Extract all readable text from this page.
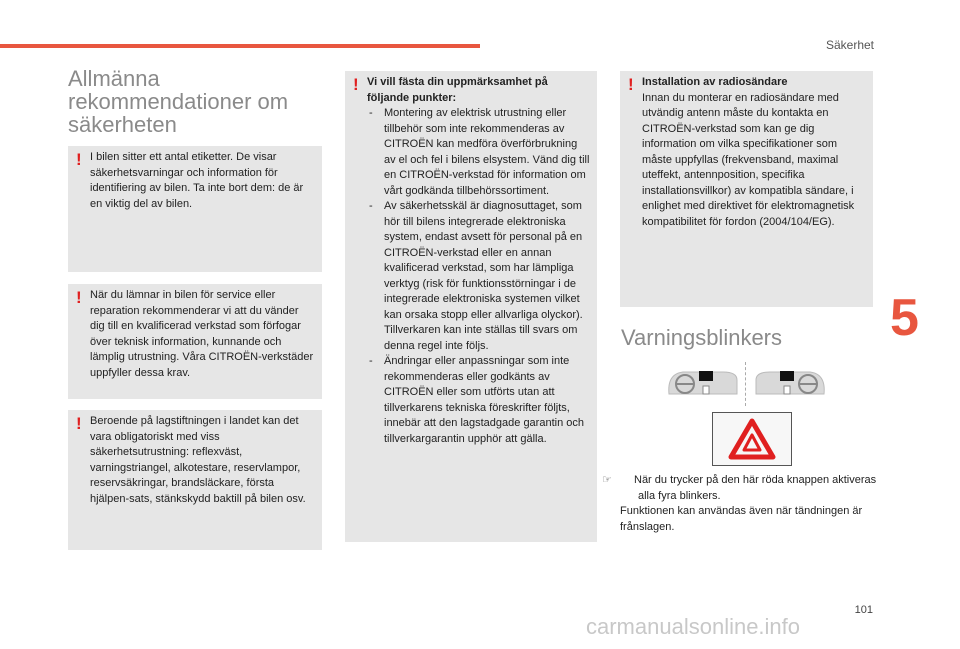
Säkerhet
Allmänna rekommendationer om säkerheten
! I bilen sitter ett antal etiketter. De visar säkerhetsvarningar och information för identifiering av bilen. Ta inte bort dem: de är en viktig del av bilen.
! När du lämnar in bilen för service eller reparation rekommenderar vi att du vänder dig till en kvalificerad verkstad som förfogar över teknisk information, kunnande och lämplig utrustning. Våra CITROËN-verkstäder uppfyller dessa krav.
! Beroende på lagstiftningen i landet kan det vara obligatoriskt med viss säkerhetsutrustning: reflexväst, varningstriangel, alkotestare, reservlampor, reservsäkringar, brandsläckare, första hjälpen-sats, stänkskydd baktill på bilen osv.
! Vi vill fästa din uppmärksamhet på följande punkter:
- Montering av elektrisk utrustning eller tillbehör som inte rekommenderas av CITROËN kan medföra överförbrukning av el och fel i bilens elsystem. Vänd dig till en CITROËN-verkstad för information om vårt godkända tillbehörssortiment.
- Av säkerhetsskäl är diagnosuttaget, som hör till bilens integrerade elektroniska system, endast avsett för personal på en CITROËN-verkstad eller en annan kvalificerad verkstad, som har lämpliga verktyg (risk för funktionsstörningar i de integrerade elektroniska systemen vilket kan orsaka stopp eller allvarliga olyckor). Tillverkaren kan inte ställas till svars om denna regel inte följs.
- Ändringar eller anpassningar som inte rekommenderas eller godkänts av CITROËN eller som utförts utan att tillverkarens tekniska föreskrifter följts, innebär att den lagstadgade garantin och tillverkargarantin upphör att gälla.
! Installation av radiosändare
Innan du monterar en radiosändare med utvändig antenn måste du kontakta en CITROËN-verkstad som kan ge dig information om vilka specifikationer som måste uppfyllas (frekvensband, maximal uteffekt, antennposition, specifika installationsvillkor) av kompatibla sändare, i enlighet med direktivet för elektromagnetisk kompatibilitet för fordon (2004/104/EG).
Varningsblinkers
☞ När du trycker på den här röda knappen aktiveras alla fyra blinkers.
Funktionen kan användas även när tändningen är frånslagen.
5
101
carmanualsonline.info
